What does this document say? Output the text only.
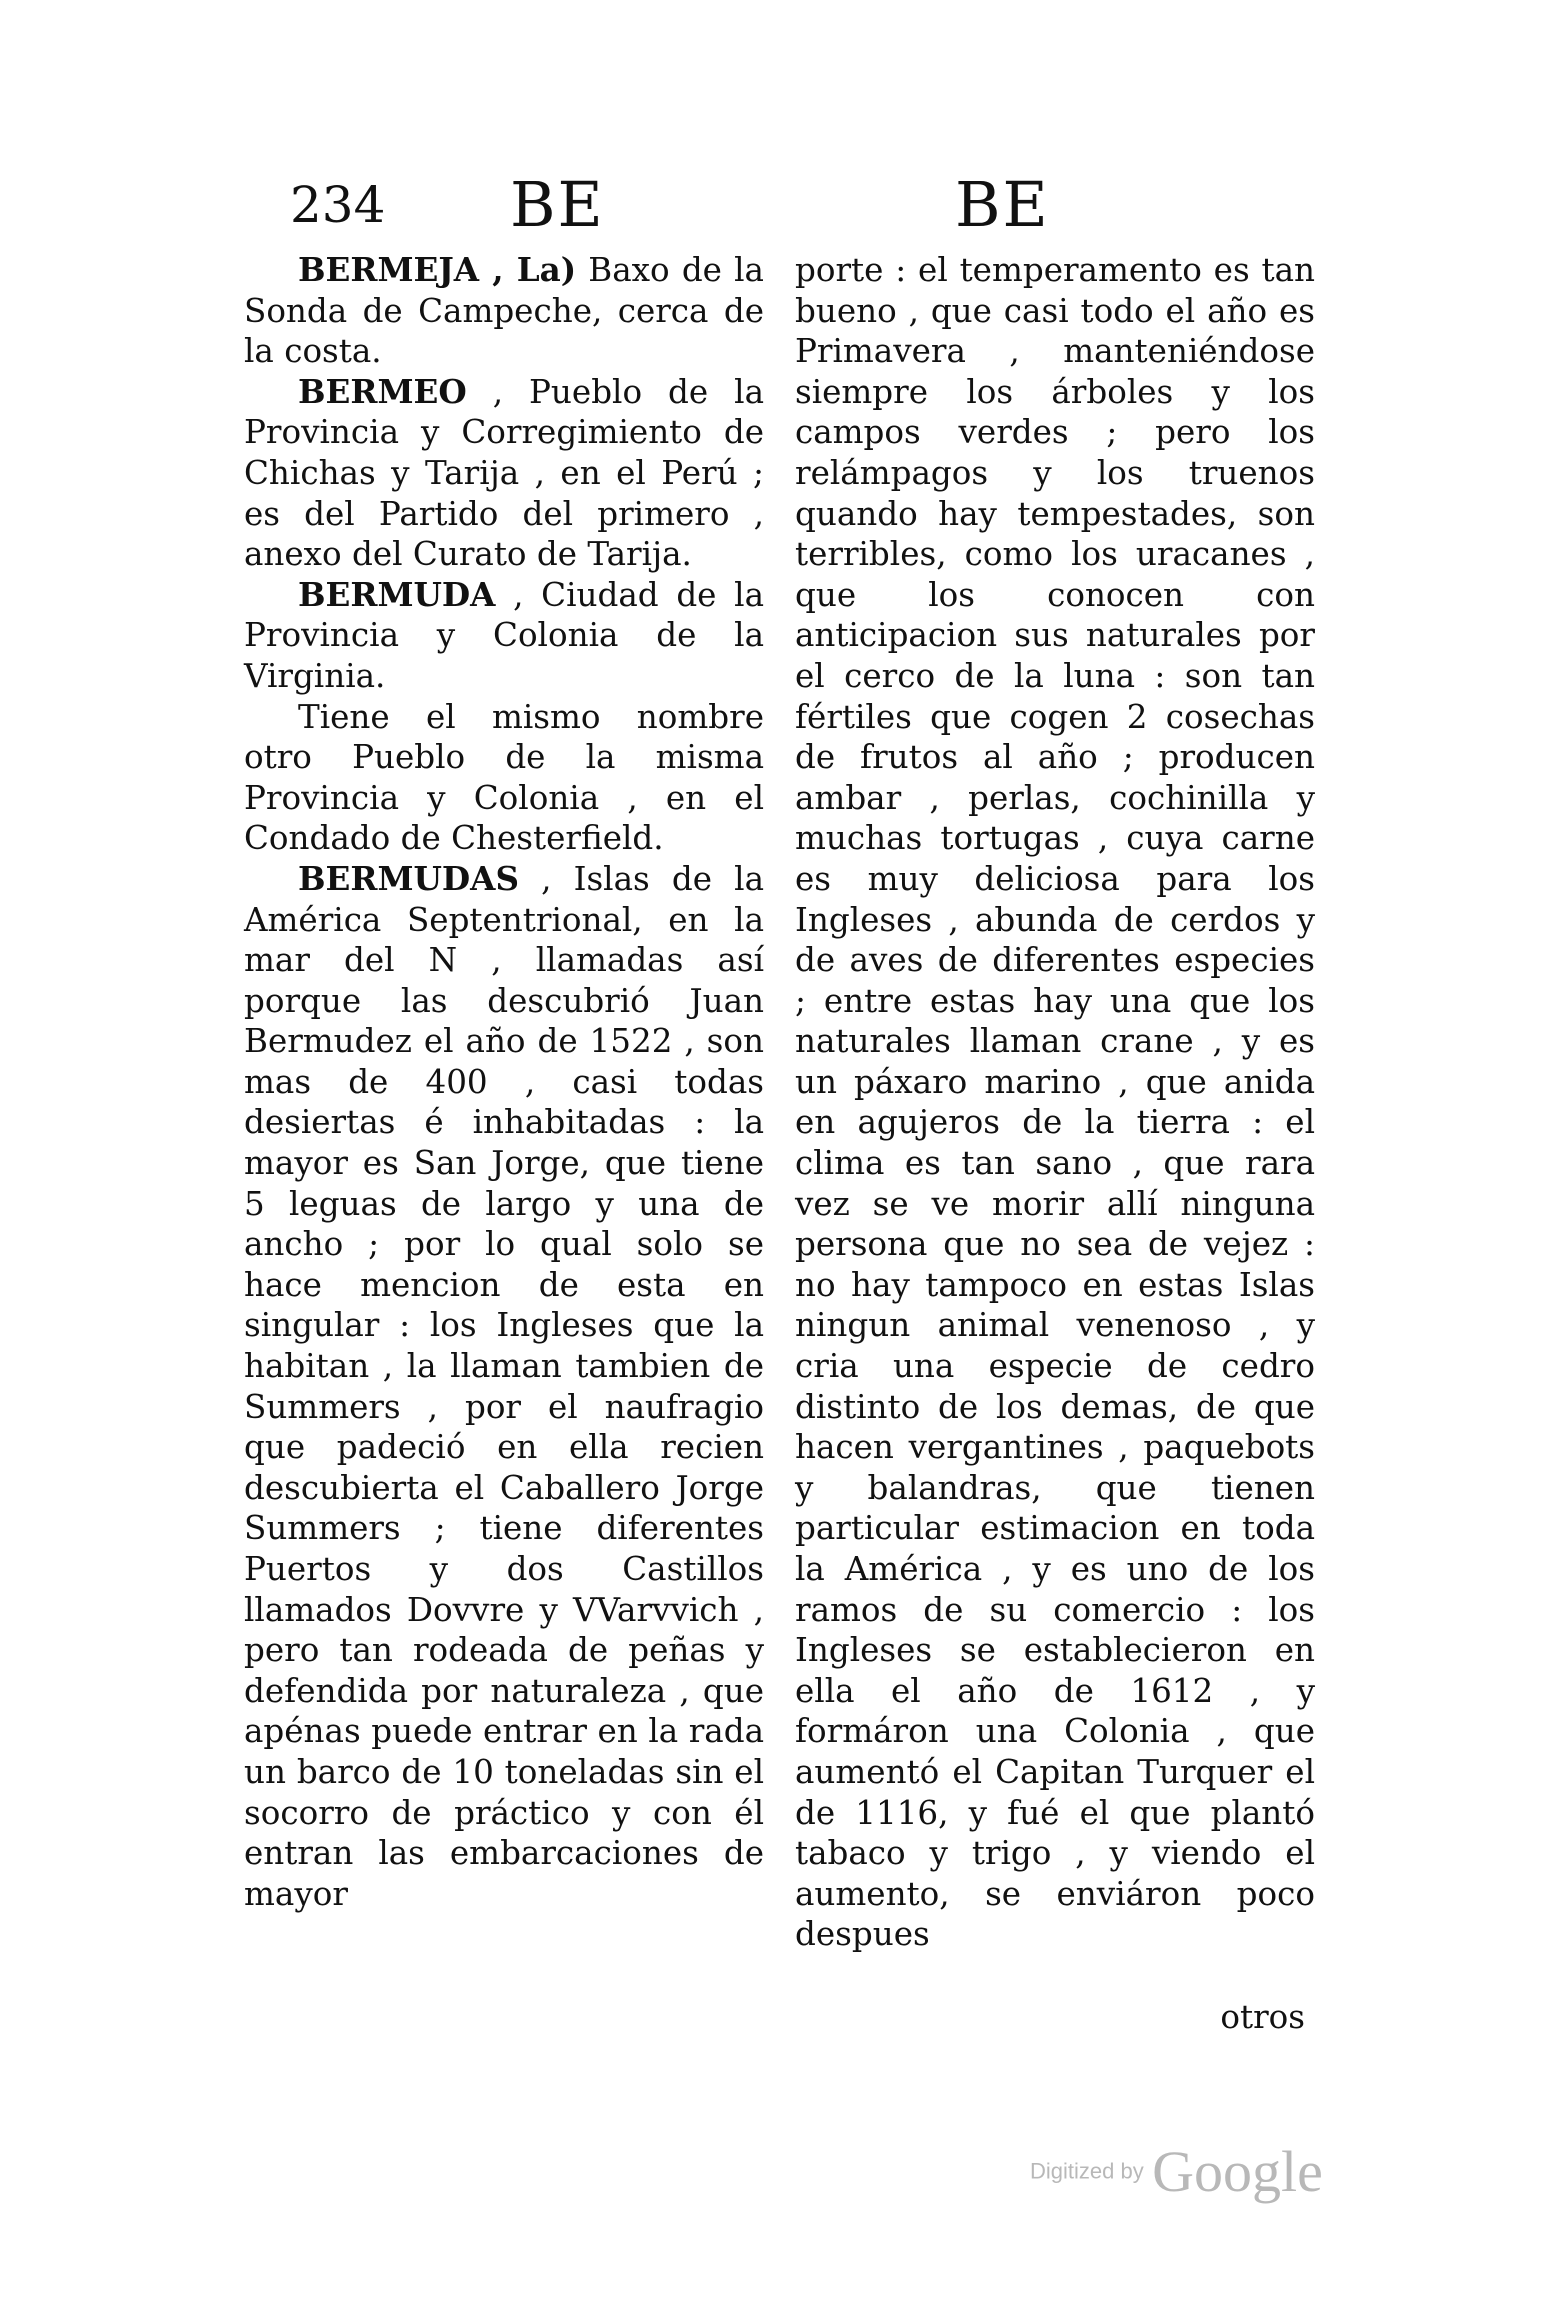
234 BE	BE

BERMEJA , La) Baxo de la Sonda de Campeche, cerca de la costa.

BERMEO , Pueblo de la Provincia y Corregimiento de Chichas y Tarija , en el Perú ; es del Partido del primero , anexo del Curato de Tarija.

BERMUDA , Ciudad de la Provincia y Colonia de la Virginia.

Tiene el mismo nombre otro Pueblo de la misma Provincia y Colonia , en el Condado de Chesterfield.

BERMUDAS , Islas de la América Septentrional, en la mar del N , llamadas así porque las descubrió Juan Bermudez el año de 1522 , son mas de 400 , casi todas desiertas é inhabitadas : la mayor es San Jorge, que tiene 5 leguas de largo y una de ancho ; por lo qual solo se hace mencion de esta en singular : los Ingleses que la habitan , la llaman tambien de Summers , por el naufragio que padeció en ella recien descubierta el Caballero Jorge Summers ; tiene diferentes Puertos y dos Castillos llamados Dovvre y VVarvvich , pero tan rodeada de peñas y defendida por naturaleza , que apénas puede entrar en la rada un barco de 10 toneladas sin el socorro de práctico y con él entran las embarcaciones de mayor

porte : el temperamento es tan bueno , que casi todo el año es Primavera , manteniéndose siempre los árboles y los campos verdes ; pero los relámpagos y los truenos quando hay tempestades, son terribles, como los uracanes , que los conocen con anticipacion sus naturales por el cerco de la luna : son tan fértiles que cogen 2 cosechas de frutos al año ; producen ambar , perlas, cochinilla y muchas tortugas , cuya carne es muy deliciosa para los Ingleses , abunda de cerdos y de aves de diferentes especies ; entre estas hay una que los naturales llaman crane , y es un páxaro marino , que anida en agujeros de la tierra : el clima es tan sano , que rara vez se ve morir allí ninguna persona que no sea de vejez : no hay tampoco en estas Islas ningun animal venenoso , y cria una especie de cedro distinto de los demas, de que hacen vergantines , paquebots y balandras, que tienen particular estimacion en toda la América , y es uno de los ramos de su comercio : los Ingleses se establecieron en ella el año de 1612 , y formáron una Colonia , que aumentó el Capitan Turquer el de 1116, y fué el que plantó tabaco y trigo , y viendo el aumento, se enviáron poco despues

otros
Digitized by Google
